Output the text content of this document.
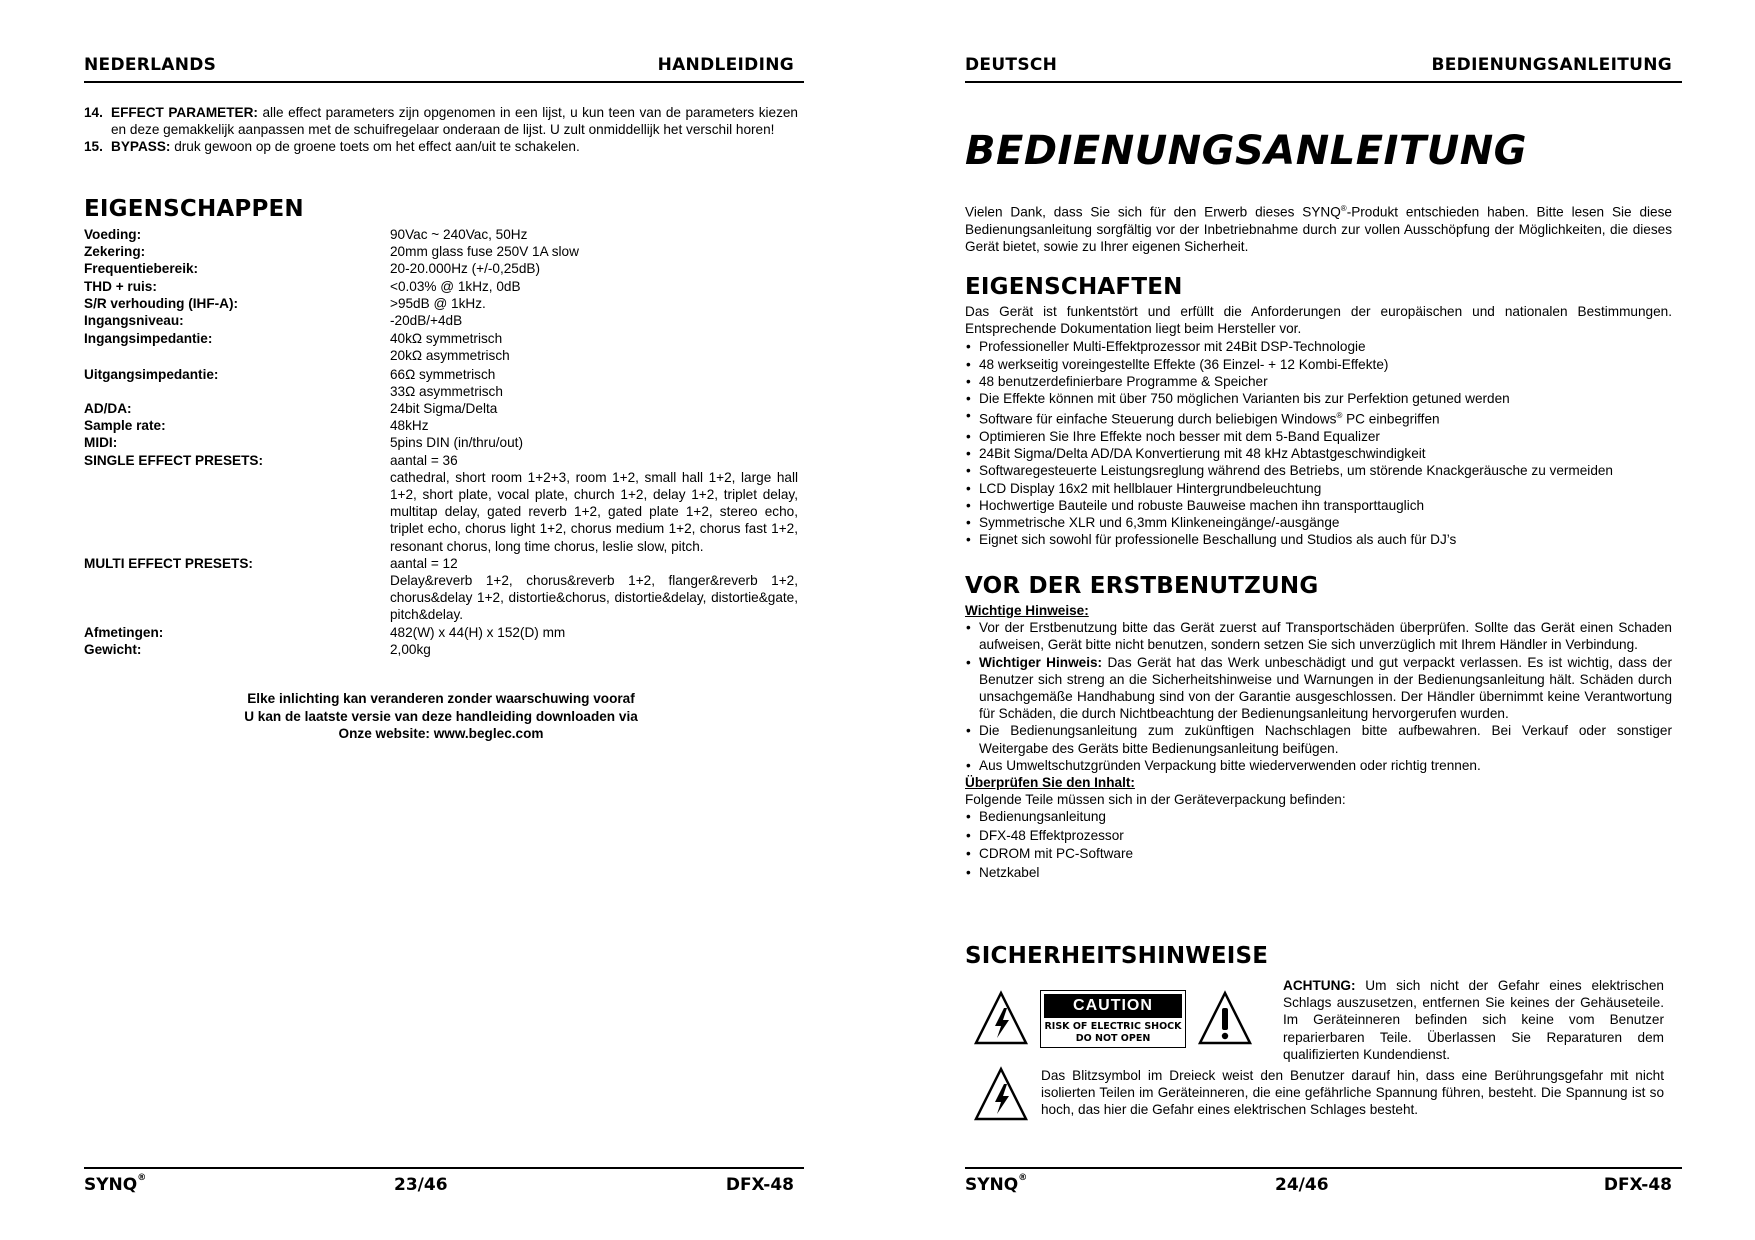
NEDERLANDS	HANDLEIDING
14. EFFECT PARAMETER: alle effect parameters zijn opgenomen in een lijst, u kun teen van de parameters kiezen en deze gemakkelijk aanpassen met de schuifregelaar onderaan de lijst. U zult onmiddellijk het verschil horen!
15. BYPASS: druk gewoon op de groene toets om het effect aan/uit te schakelen.
EIGENSCHAPPEN
Voeding:	90Vac ~ 240Vac, 50Hz
Zekering:	20mm glass fuse 250V 1A slow
Frequentiebereik:	20-20.000Hz (+/-0,25dB)
THD + ruis:	<0.03% @ 1kHz, 0dB
S/R verhouding (IHF-A):	>95dB @ 1kHz.
Ingangsniveau:	-20dB/+4dB
Ingangsimpedantie:	40kΩ symmetrisch
20kΩ asymmetrisch
Uitgangsimpedantie:	66Ω symmetrisch
33Ω asymmetrisch
AD/DA:	24bit Sigma/Delta
Sample rate:	48kHz
MIDI:	5pins DIN (in/thru/out)
SINGLE EFFECT PRESETS:	aantal = 36
cathedral, short room 1+2+3, room 1+2, small hall 1+2, large hall 1+2, short plate, vocal plate, church 1+2, delay 1+2, triplet delay, multitap delay, gated reverb 1+2, gated plate 1+2, stereo echo, triplet echo, chorus light 1+2, chorus medium 1+2, chorus fast 1+2, resonant chorus, long time chorus, leslie slow, pitch.
MULTI EFFECT PRESETS:	aantal = 12
Delay&reverb 1+2, chorus&reverb 1+2, flanger&reverb 1+2, chorus&delay 1+2, distortie&chorus, distortie&delay, distortie&gate, pitch&delay.
Afmetingen:	482(W) x 44(H) x 152(D) mm
Gewicht:	2,00kg
Elke inlichting kan veranderen zonder waarschuwing vooraf
U kan de laatste versie van deze handleiding downloaden via
Onze website: www.beglec.com
SYNQ®	23/46	DFX-48
DEUTSCH	BEDIENUNGSANLEITUNG
BEDIENUNGSANLEITUNG
Vielen Dank, dass Sie sich für den Erwerb dieses SYNQ®-Produkt entschieden haben. Bitte lesen Sie diese Bedienungsanleitung sorgfältig vor der Inbetriebnahme durch zur vollen Ausschöpfung der Möglichkeiten, die dieses Gerät bietet, sowie zu Ihrer eigenen Sicherheit.
EIGENSCHAFTEN
Das Gerät ist funkentstört und erfüllt die Anforderungen der europäischen und nationalen Bestimmungen. Entsprechende Dokumentation liegt beim Hersteller vor.
• Professioneller Multi-Effektprozessor mit 24Bit DSP-Technologie
• 48 werkseitig voreingestellte Effekte (36 Einzel- + 12 Kombi-Effekte)
• 48 benutzerdefinierbare Programme & Speicher
• Die Effekte können mit über 750 möglichen Varianten bis zur Perfektion getuned werden
• Software für einfache Steuerung durch beliebigen Windows® PC einbegriffen
• Optimieren Sie Ihre Effekte noch besser mit dem 5-Band Equalizer
• 24Bit Sigma/Delta AD/DA Konvertierung mit 48 kHz Abtastgeschwindigkeit
• Softwaregesteuerte Leistungsreglung während des Betriebs, um störende Knackgeräusche zu vermeiden
• LCD Display 16x2 mit hellblauer Hintergrundbeleuchtung
• Hochwertige Bauteile und robuste Bauweise machen ihn transporttauglich
• Symmetrische XLR und 6,3mm Klinkeneingänge/-ausgänge
• Eignet sich sowohl für professionelle Beschallung und Studios als auch für DJ’s
VOR DER ERSTBENUTZUNG
Wichtige Hinweise:
• Vor der Erstbenutzung bitte das Gerät zuerst auf Transportschäden überprüfen. Sollte das Gerät einen Schaden aufweisen, Gerät bitte nicht benutzen, sondern setzen Sie sich unverzüglich mit Ihrem Händler in Verbindung.
• Wichtiger Hinweis: Das Gerät hat das Werk unbeschädigt und gut verpackt verlassen. Es ist wichtig, dass der Benutzer sich streng an die Sicherheitshinweise und Warnungen in der Bedienungsanleitung hält. Schäden durch unsachgemäße Handhabung sind von der Garantie ausgeschlossen. Der Händler übernimmt keine Verantwortung für Schäden, die durch Nichtbeachtung der Bedienungsanleitung hervorgerufen wurden.
• Die Bedienungsanleitung zum zukünftigen Nachschlagen bitte aufbewahren. Bei Verkauf oder sonstiger Weitergabe des Geräts bitte Bedienungsanleitung beifügen.
• Aus Umweltschutzgründen Verpackung bitte wiederverwenden oder richtig trennen.
Überprüfen Sie den Inhalt:
Folgende Teile müssen sich in der Geräteverpackung befinden:
• Bedienungsanleitung
• DFX-48 Effektprozessor
• CDROM mit PC-Software
• Netzkabel
SICHERHEITSHINWEISE
CAUTION
RISK OF ELECTRIC SHOCK
DO NOT OPEN
ACHTUNG: Um sich nicht der Gefahr eines elektrischen Schlags auszusetzen, entfernen Sie keines der Gehäuseteile. Im Geräteinneren befinden sich keine vom Benutzer reparierbaren Teile. Überlassen Sie Reparaturen dem qualifizierten Kundendienst.
Das Blitzsymbol im Dreieck weist den Benutzer darauf hin, dass eine Berührungsgefahr mit nicht isolierten Teilen im Geräteinneren, die eine gefährliche Spannung führen, besteht. Die Spannung ist so hoch, das hier die Gefahr eines elektrischen Schlages besteht.
SYNQ®	24/46	DFX-48
